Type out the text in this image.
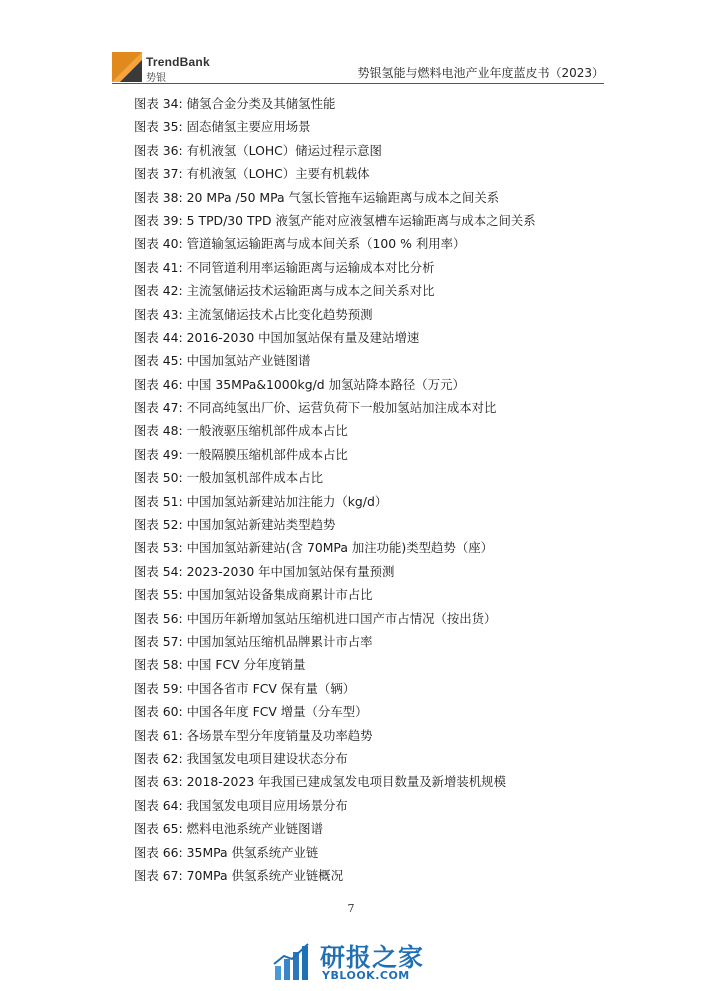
TrendBank
势银	势银氢能与燃料电池产业年度蓝皮书（2023）
图表 34: 储氢合金分类及其储氢性能
图表 35: 固态储氢主要应用场景
图表 36: 有机液氢（LOHC）储运过程示意图
图表 37: 有机液氢（LOHC）主要有机载体
图表 38: 20 MPa /50 MPa 气氢长管拖车运输距离与成本之间关系
图表 39: 5 TPD/30 TPD 液氢产能对应液氢槽车运输距离与成本之间关系
图表 40: 管道输氢运输距离与成本间关系（100 % 利用率）
图表 41: 不同管道利用率运输距离与运输成本对比分析
图表 42: 主流氢储运技术运输距离与成本之间关系对比
图表 43: 主流氢储运技术占比变化趋势预测
图表 44: 2016-2030 中国加氢站保有量及建站增速
图表 45: 中国加氢站产业链图谱
图表 46: 中国 35MPa&1000kg/d 加氢站降本路径（万元）
图表 47: 不同高纯氢出厂价、运营负荷下一般加氢站加注成本对比
图表 48: 一般液驱压缩机部件成本占比
图表 49: 一般隔膜压缩机部件成本占比
图表 50: 一般加氢机部件成本占比
图表 51: 中国加氢站新建站加注能力（kg/d）
图表 52: 中国加氢站新建站类型趋势
图表 53: 中国加氢站新建站(含 70MPa 加注功能)类型趋势（座）
图表 54: 2023-2030 年中国加氢站保有量预测
图表 55: 中国加氢站设备集成商累计市占比
图表 56: 中国历年新增加氢站压缩机进口国产市占情况（按出货）
图表 57: 中国加氢站压缩机品牌累计市占率
图表 58: 中国 FCV 分年度销量
图表 59: 中国各省市 FCV 保有量（辆）
图表 60: 中国各年度 FCV 增量（分车型）
图表 61: 各场景车型分年度销量及功率趋势
图表 62: 我国氢发电项目建设状态分布
图表 63: 2018-2023 年我国已建成氢发电项目数量及新增装机规模
图表 64: 我国氢发电项目应用场景分布
图表 65: 燃料电池系统产业链图谱
图表 66: 35MPa 供氢系统产业链
图表 67: 70MPa 供氢系统产业链概况
7
研报之家
YBLOOK.COM
